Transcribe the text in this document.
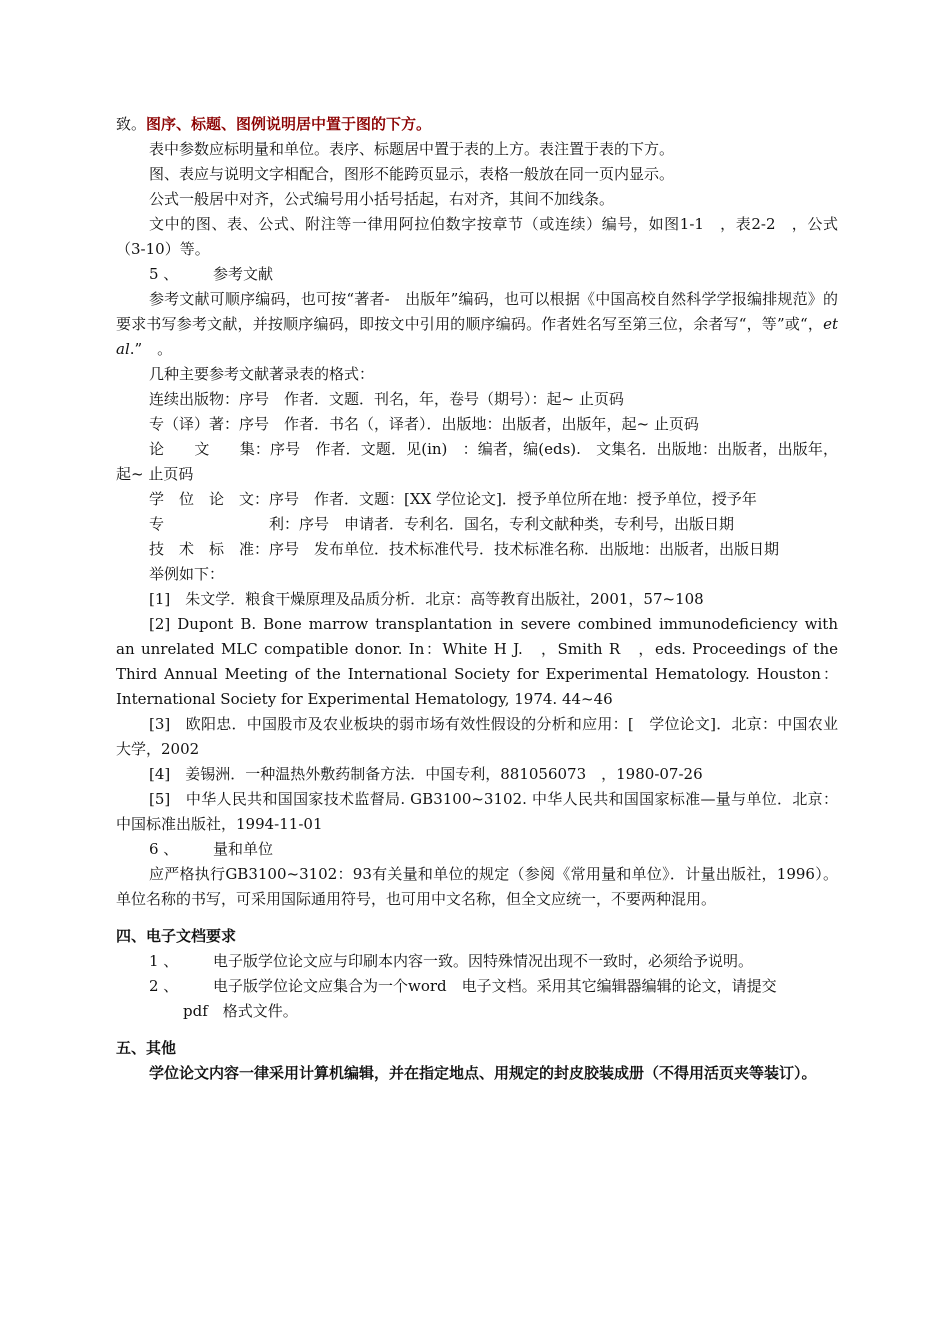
致。图序、标题、图例说明居中置于图的下方。

表中参数应标明量和单位。表序、标题居中置于表的上方。表注置于表的下方。

图、表应与说明文字相配合，图形不能跨页显示，表格一般放在同一页内显示。

公式一般居中对齐，公式编号用小括号括起，右对齐，其间不加线条。

文中的图、表、公式、附注等一律用阿拉伯数字按章节（或连续）编号，如图1-1　，表2-2　，公式（3-10）等。

5 、 参考文献

参考文献可顺序编码，也可按“著者-　出版年”编码，也可以根据《中国高校自然科学学报编排规范》的要求书写参考文献，并按顺序编码，即按文中引用的顺序编码。作者姓名写至第三位，余者写“，等”或“，et al.”　。

几种主要参考文献著录表的格式：

连续出版物：序号　作者．文题．刊名，年，卷号（期号）：起~ 止页码

专（译）著：序号　作者．书名（，译者）．出版地：出版者，出版年，起~ 止页码

论　　文　　集：序号　作者．文题．见(in)　：编者，编(eds).　文集名．出版地：出版者，出版年，起~ 止页码

学　位　论　文：序号　作者．文题：[XX 学位论文]．授予单位所在地：授予单位，授予年

专　　　　　　　利：序号　申请者．专利名．国名，专利文献种类，专利号，出版日期

技　术　标　准：序号　发布单位．技术标准代号．技术标准名称．出版地：出版者，出版日期

举例如下：

[1]　朱文学．粮食干燥原理及品质分析．北京：高等教育出版社，2001，57~108

[2] Dupont B. Bone marrow transplantation in severe combined immunodeficiency with an unrelated MLC compatible donor. In：White H J.　，Smith R　，eds. Proceedings of the Third Annual Meeting of the International Society for Experimental Hematology. Houston：International Society for Experimental Hematology, 1974. 44~46

[3]　欧阳忠．中国股市及农业板块的弱市场有效性假设的分析和应用：[　学位论文]．北京：中国农业大学，2002

[4]　姜锡洲．一种温热外敷药制备方法．中国专利，881056073　，1980-07-26

[5]　中华人民共和国国家技术监督局. GB3100~3102. 中华人民共和国国家标准—量与单位．北京：中国标准出版社，1994-11-01

6 、 量和单位

应严格执行GB3100~3102：93有关量和单位的规定（参阅《常用量和单位》．计量出版社，1996）。单位名称的书写，可采用国际通用符号，也可用中文名称，但全文应统一，不要两种混用。

四、电子文档要求

1 、 电子版学位论文应与印刷本内容一致。因特殊情况出现不一致时，必须给予说明。

2 、 电子版学位论文应集合为一个word　电子文档。采用其它编辑器编辑的论文，请提交

pdf　格式文件。

五、其他

学位论文内容一律采用计算机编辑，并在指定地点、用规定的封皮胶装成册（不得用活页夹等装订）。
